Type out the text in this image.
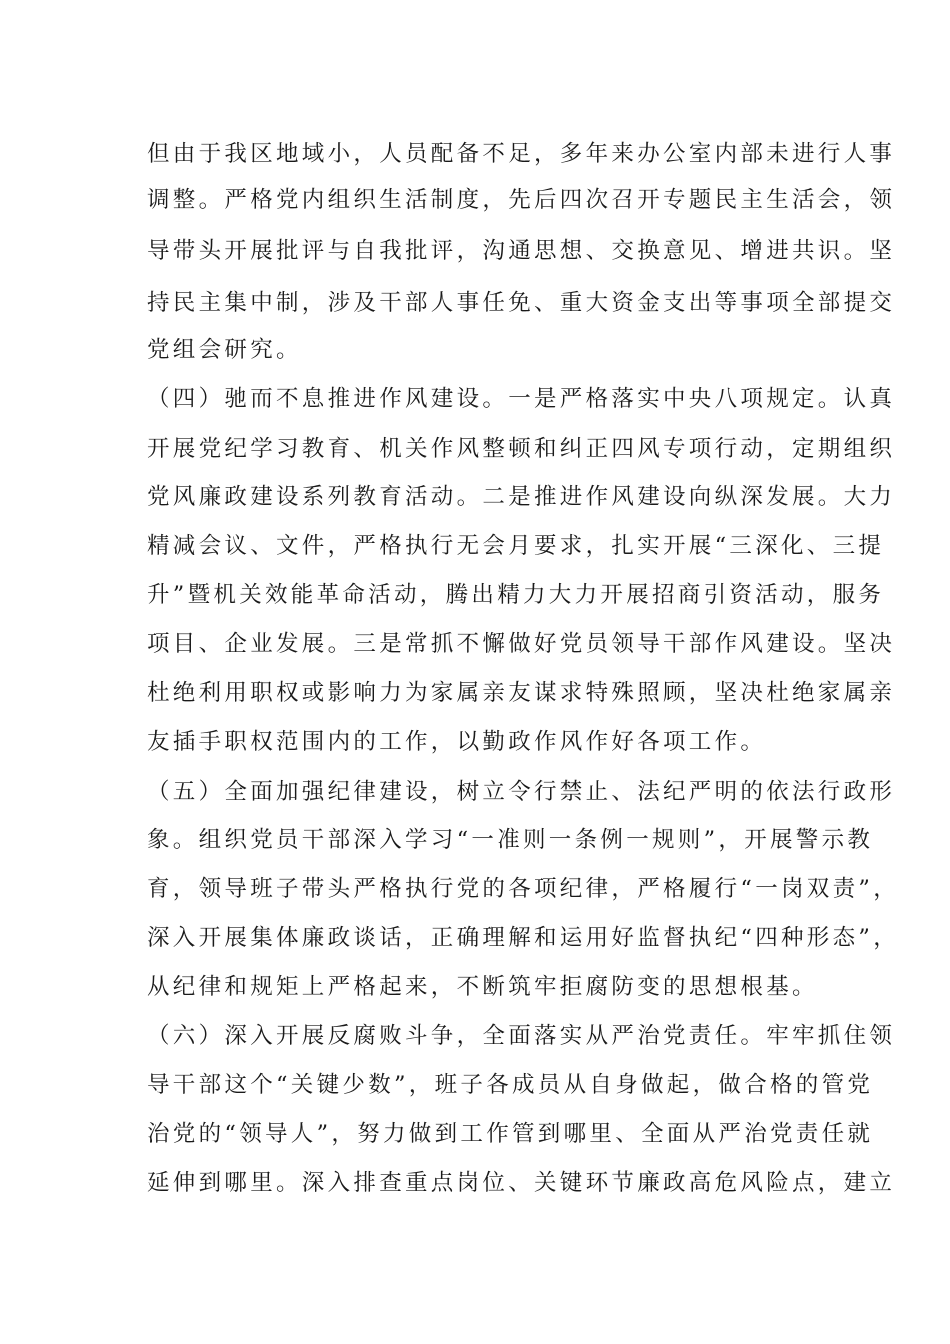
但由于我区地域小，人员配备不足，多年来办公室内部未进行人事
调整。严格党内组织生活制度，先后四次召开专题民主生活会，领
导带头开展批评与自我批评，沟通思想、交换意见、增进共识。坚
持民主集中制，涉及干部人事任免、重大资金支出等事项全部提交
党组会研究。
（四）驰而不息推进作风建设。一是严格落实中央八项规定。认真
开展党纪学习教育、机关作风整顿和纠正四风专项行动，定期组织
党风廉政建设系列教育活动。二是推进作风建设向纵深发展。大力
精减会议、文件，严格执行无会月要求，扎实开展“三深化、三提
升”暨机关效能革命活动，腾出精力大力开展招商引资活动，服务
项目、企业发展。三是常抓不懈做好党员领导干部作风建设。坚决
杜绝利用职权或影响力为家属亲友谋求特殊照顾，坚决杜绝家属亲
友插手职权范围内的工作，以勤政作风作好各项工作。
（五）全面加强纪律建设，树立令行禁止、法纪严明的依法行政形
象。组织党员干部深入学习“一准则一条例一规则”，开展警示教
育，领导班子带头严格执行党的各项纪律，严格履行“一岗双责”，
深入开展集体廉政谈话，正确理解和运用好监督执纪“四种形态”，
从纪律和规矩上严格起来，不断筑牢拒腐防变的思想根基。
（六）深入开展反腐败斗争，全面落实从严治党责任。牢牢抓住领
导干部这个“关键少数”，班子各成员从自身做起，做合格的管党
治党的“领导人”，努力做到工作管到哪里、全面从严治党责任就
延伸到哪里。深入排查重点岗位、关键环节廉政高危风险点，建立
